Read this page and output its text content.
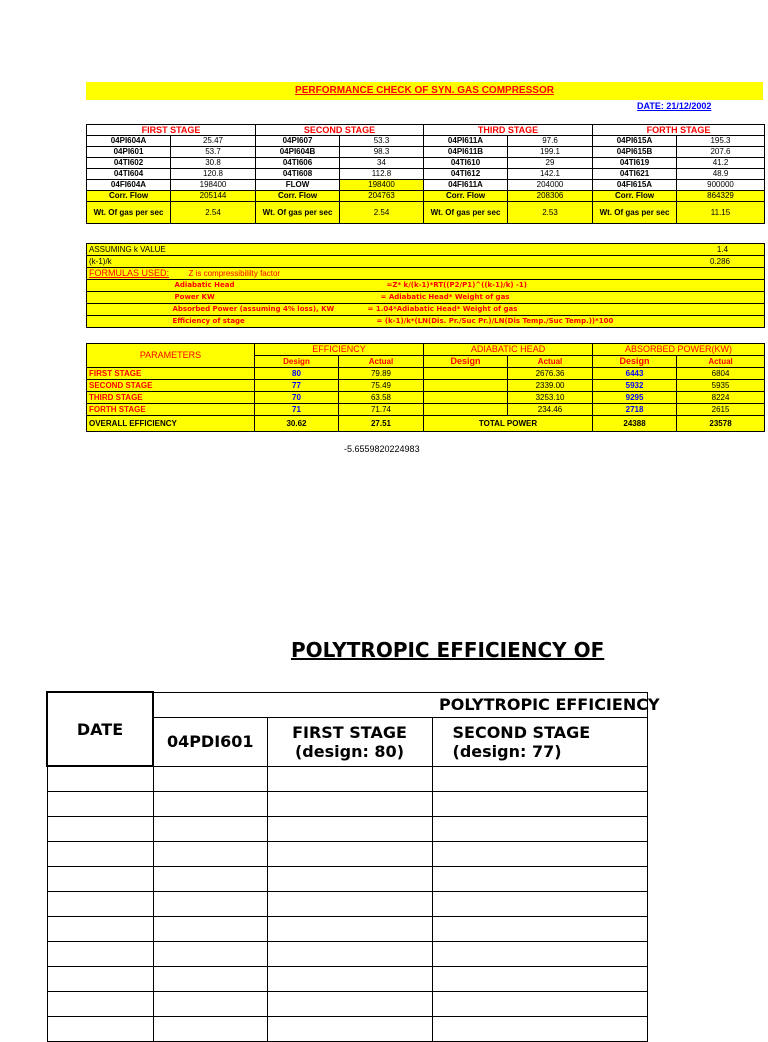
PERFORMANCE CHECK OF SYN. GAS COMPRESSOR
DATE: 21/12/2002
FIRST STAGE		SECOND STAGE		THIRD STAGE		FORTH STAGE	
04PI604A	25.47	04PI607	53.3	04PI611A	97.6	04PI615A	195.3
04PI601	53.7	04PI604B	98.3	04PI611B	199.1	04PI615B	207.6
04TI602	30.8	04TI606	34	04TI610	29	04TI619	41.2
04TI604	120.8	04TI608	112.8	04TI612	142.1	04TI621	48.9
04FI604A	198400	FLOW	198400	04FI611A	204000	04FI615A	900000
Corr. Flow	205144	Corr. Flow	204763	Corr. Flow	208306	Corr. Flow	864329
Wt. Of gas per sec	2.54	Wt. Of gas per sec	2.54	Wt. Of gas per sec	2.53	Wt. Of gas per sec	11.15
ASSUMING k VALUE		1.4
(k-1)/k		0.286
FORMULAS USED:	Z is compressibililty factor	
	Adiabatic Head	=Z* k/(k-1)*RT((P2/P1)^((k-1)/k) -1)

	Power KW	= Adiabatic Head* Weight of gas

	Absorbed Power (assuming 4% loss), KW	= 1.04*Adiabatic Head* Weight of gas

	Efficiency of stage	= (k-1)/k*(LN(Dis. Pr./Suc Pr.)/LN(Dis Temp./Suc Temp.))*100
PARAMETERS	EFFICIENCY		ADIABATIC HEAD		ABSORBED POWER(KW)	
	Design	Actual	Design	Actual	Design	Actual
FIRST STAGE	80	79.89		2676.36	6443	6804
SECOND STAGE	77	75.49		2339.00	5932	5935
THIRD STAGE	70	63.58		3253.10	9295	8224
FORTH STAGE	71	71.74		234.46	2718	2615
OVERALL EFFICIENCY	30.62	27.51	TOTAL POWER		24388	23578
-5.6559820224983
POLYTROPIC EFFICIENCY OF
DATE	POLYTROPIC EFFICIENCY		
	04PDI601	FIRST STAGE (design: 80)	SECOND STAGE (design: 77)
